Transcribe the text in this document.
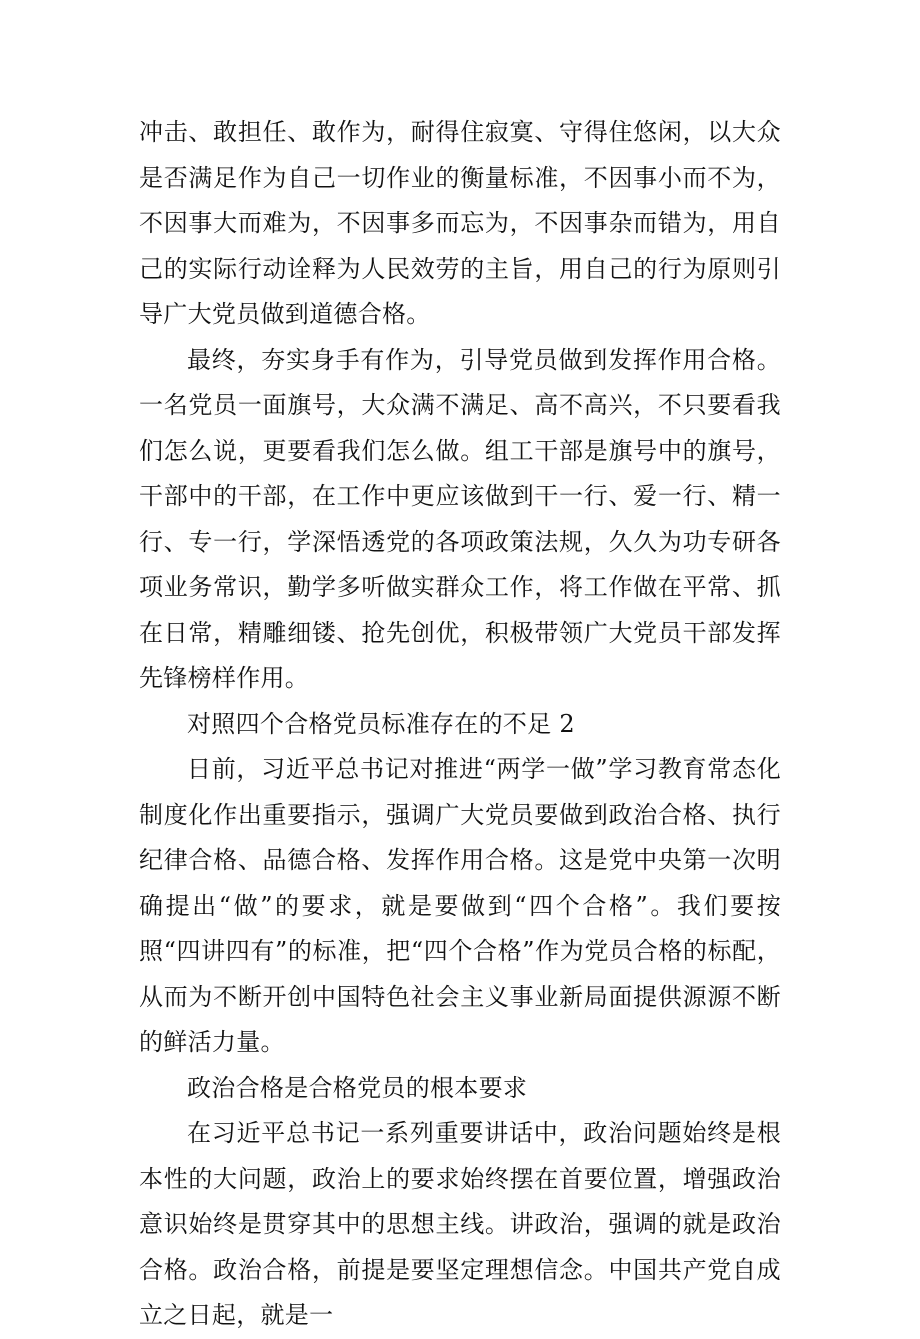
冲击、敢担任、敢作为，耐得住寂寞、守得住悠闲，以大众是否满足作为自己一切作业的衡量标准，不因事小而不为，不因事大而难为，不因事多而忘为，不因事杂而错为，用自己的实际行动诠释为人民效劳的主旨，用自己的行为原则引导广大党员做到道德合格。

最终，夯实身手有作为，引导党员做到发挥作用合格。一名党员一面旗号，大众满不满足、高不高兴，不只要看我们怎么说，更要看我们怎么做。组工干部是旗号中的旗号，干部中的干部，在工作中更应该做到干一行、爱一行、精一行、专一行，学深悟透党的各项政策法规，久久为功专研各项业务常识，勤学多听做实群众工作，将工作做在平常、抓在日常，精雕细镂、抢先创优，积极带领广大党员干部发挥先锋榜样作用。

对照四个合格党员标准存在的不足 2

日前，习近平总书记对推进“两学一做”学习教育常态化制度化作出重要指示，强调广大党员要做到政治合格、执行纪律合格、品德合格、发挥作用合格。这是党中央第一次明确提出“做”的要求，就是要做到“四个合格”。我们要按照“四讲四有”的标准，把“四个合格”作为党员合格的标配，从而为不断开创中国特色社会主义事业新局面提供源源不断的鲜活力量。

政治合格是合格党员的根本要求

在习近平总书记一系列重要讲话中，政治问题始终是根本性的大问题，政治上的要求始终摆在首要位置，增强政治意识始终是贯穿其中的思想主线。讲政治，强调的就是政治合格。政治合格，前提是要坚定理想信念。中国共产党自成立之日起，就是一
